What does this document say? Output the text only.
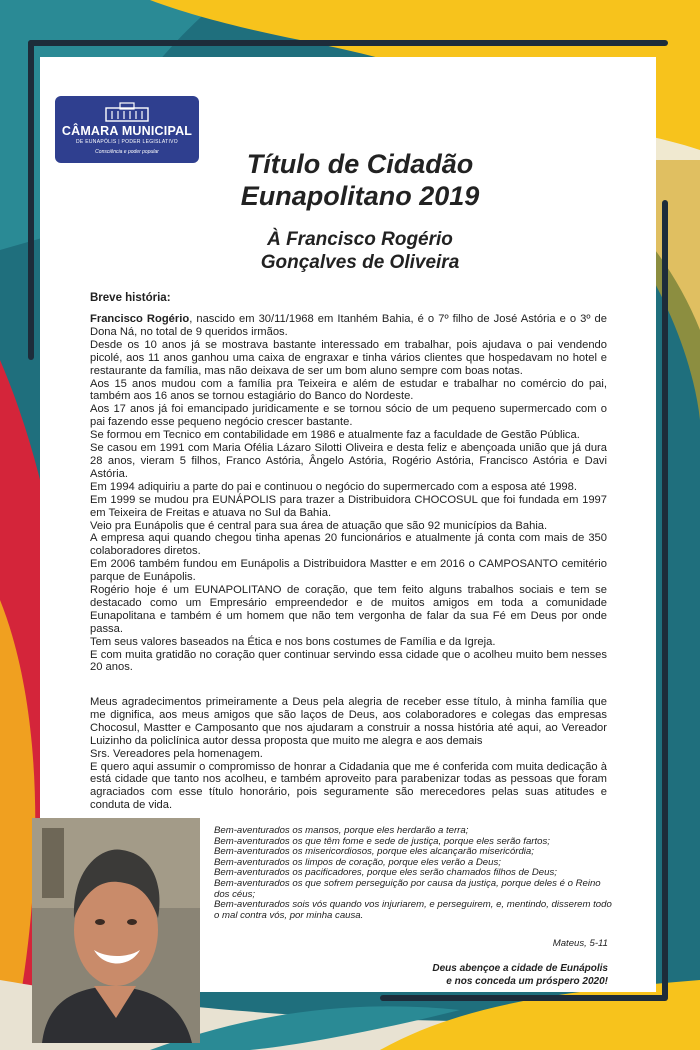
CÂMARA MUNICIPAL
DE EUNAPÓLIS | PODER LEGISLATIVO
Consciência e poder popular	Título de Cidadão
Eunapolitano 2019
À Francisco Rogério
Gonçalves de Oliveira
Breve história:

Francisco Rogério, nascido em 30/11/1968 em Itanhém Bahia, é o 7º filho de José Astória e o 3º de Dona Ná, no total de 9 queridos irmãos.

Desde os 10 anos já se mostrava bastante interessado em trabalhar, pois ajudava o pai vendendo picolé, aos 11 anos ganhou uma caixa de engraxar e tinha vários clientes que hospedavam no hotel e restaurante da família, mas não deixava de ser um bom aluno sempre com boas notas.

Aos 15 anos mudou com a família pra Teixeira e além de estudar e trabalhar no comércio do pai, também aos 16 anos se tornou estagiário do Banco do Nordeste.

Aos 17 anos já foi emancipado juridicamente e se tornou sócio de um pequeno supermercado com o pai fazendo esse pequeno negócio crescer bastante.

Se formou em Tecnico em contabilidade em 1986 e atualmente faz a faculdade de Gestão Pública.

Se casou em 1991 com Maria Ofélia Lázaro Silotti Oliveira e desta feliz e abençoada união que já dura 28 anos, vieram 5 filhos, Franco Astória, Ângelo Astória, Rogério Astória, Francisco Astória e Davi Astória.

Em 1994 adiquiriu a parte do pai e continuou o negócio do supermercado com a esposa até 1998.

Em 1999 se mudou pra EUNÁPOLIS para trazer a Distribuidora CHOCOSUL que foi fundada em 1997 em Teixeira de Freitas e atuava no Sul da Bahia.

Veio pra Eunápolis que é central para sua área de atuação que são 92 municípios da Bahia.

A empresa aqui quando chegou tinha apenas 20 funcionários e atualmente já conta com mais de 350 colaboradores diretos.

Em 2006 também fundou em Eunápolis a Distribuidora Mastter e em 2016 o CAMPOSANTO cemitério parque de Eunápolis.

Rogério hoje é um EUNAPOLITANO de coração, que tem feito alguns trabalhos sociais e tem se destacado como um Empresário empreendedor e de muitos amigos em toda a comunidade Eunapolitana e também é um homem que não tem vergonha de falar da sua Fé em Deus por onde passa.

Tem seus valores baseados na Ética e nos bons costumes de Família e da Igreja.

E com muita gratidão no coração quer continuar servindo essa cidade que o acolheu muito bem nesses 20 anos.

Meus agradecimentos primeiramente a Deus pela alegria de receber esse título, à minha família que me dignifica, aos meus amigos que são laços de Deus, aos colaboradores e colegas das empresas Chocosul, Mastter e Camposanto que nos ajudaram a construir a nossa história até aqui, ao Vereador Luizinho da policlínica autor dessa proposta que muito me alegra e aos demais

Srs. Vereadores pela homenagem.

E quero aqui assumir o compromisso de honrar a Cidadania que me é conferida com muita dedicação à está cidade que tanto nos acolheu, e também aproveito para parabenizar todas as pessoas que foram agraciados com esse título honorário, pois seguramente são merecedores pelas suas atitudes e conduta de vida.

Bem-aventurados os mansos, porque eles herdarão a terra;

Bem-aventurados os que têm fome e sede de justiça, porque eles serão fartos;

Bem-aventurados os misericordiosos, porque eles alcançarão misericórdia;

Bem-aventurados os limpos de coração, porque eles verão a Deus;

Bem-aventurados os pacificadores, porque eles serão chamados filhos de Deus;

Bem-aventurados os que sofrem perseguição por causa da justiça, porque deles é o Reino dos céus;

Bem-aventurados sois vós quando vos injuriarem, e perseguirem, e, mentindo, disserem todo o mal contra vós, por minha causa.

Mateus, 5-11
Deus abençoe a cidade de Eunápolis
e nos conceda um próspero 2020!
